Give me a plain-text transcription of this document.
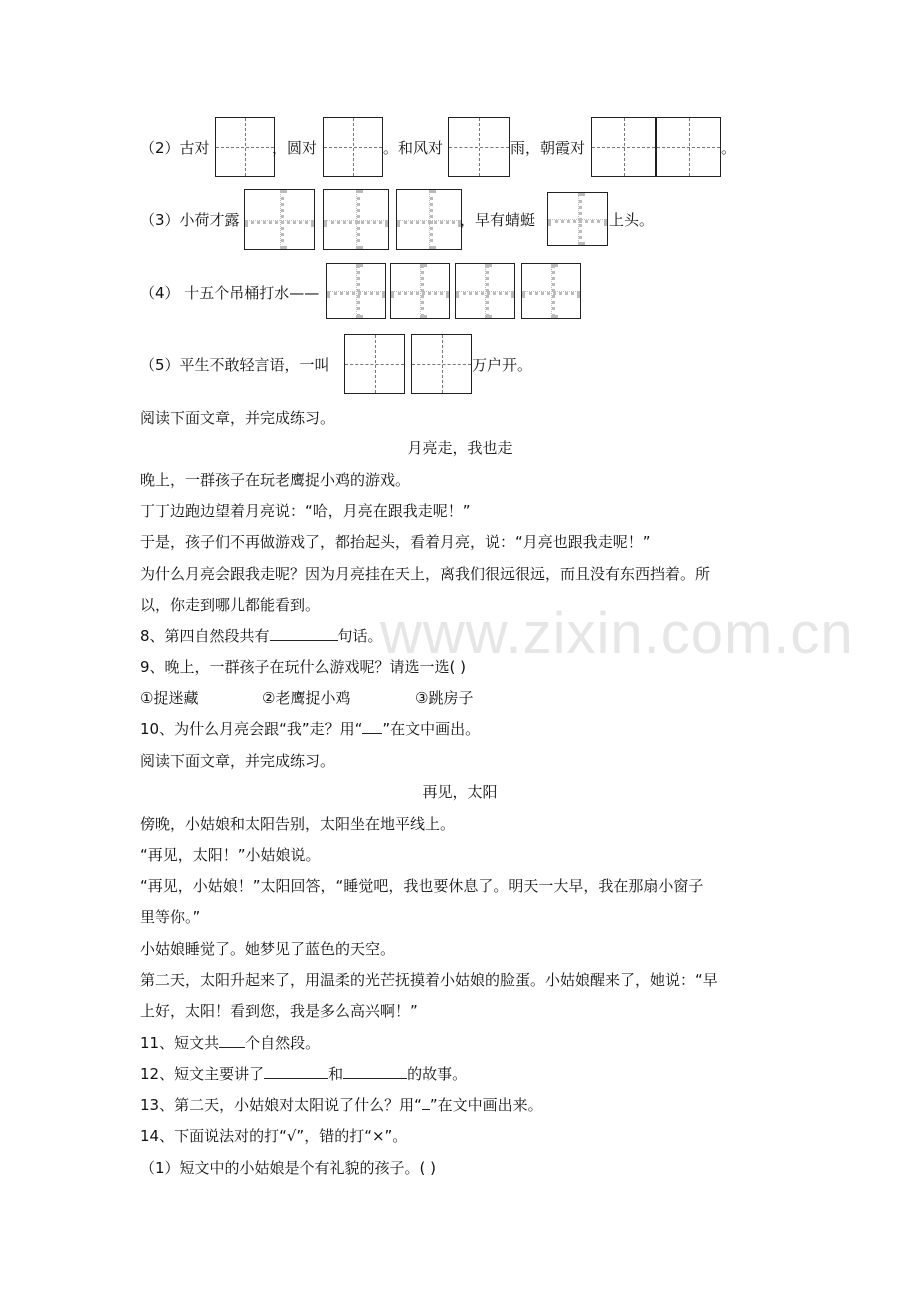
（2）古对	，圆对	。和风对	雨，朝霞对	。
（3）小荷才露	，早有蜻蜓	上头。
（4） 十五个吊桶打水——
（5）平生不敢轻言语，一叫	万户开。
阅读下面文章，并完成练习。
月亮走，我也走
晚上，一群孩子在玩老鹰捉小鸡的游戏。
丁丁边跑边望着月亮说：“哈，月亮在跟我走呢！”
于是，孩子们不再做游戏了，都抬起头，看着月亮，说：“月亮也跟我走呢！”
为什么月亮会跟我走呢？因为月亮挂在天上，离我们很远很远，而且没有东西挡着。所
以，你走到哪儿都能看到。
8、第四自然段共有	句话。
9、晚上，一群孩子在玩什么游戏呢？请选一选( )
①捉迷藏	②老鹰捉小鸡	③跳房子
10、为什么月亮会跟“我”走？用“ ”在文中画出。
阅读下面文章，并完成练习。
再见，太阳
傍晚，小姑娘和太阳告别，太阳坐在地平线上。
“再见，太阳！”小姑娘说。
“再见，小姑娘！”太阳回答，“睡觉吧，我也要休息了。明天一大早，我在那扇小窗子
里等你。”
小姑娘睡觉了。她梦见了蓝色的天空。
第二天，太阳升起来了，用温柔的光芒抚摸着小姑娘的脸蛋。小姑娘醒来了，她说：“早
上好，太阳！看到您，我是多么高兴啊！”
11、短文共 个自然段。
12、短文主要讲了	和	的故事。
13、第二天，小姑娘对太阳说了什么？用“ ”在文中画出来。
14、下面说法对的打“√”，错的打“×”。
（1）短文中的小姑娘是个有礼貌的孩子。( )
www.zixin.com.cn
